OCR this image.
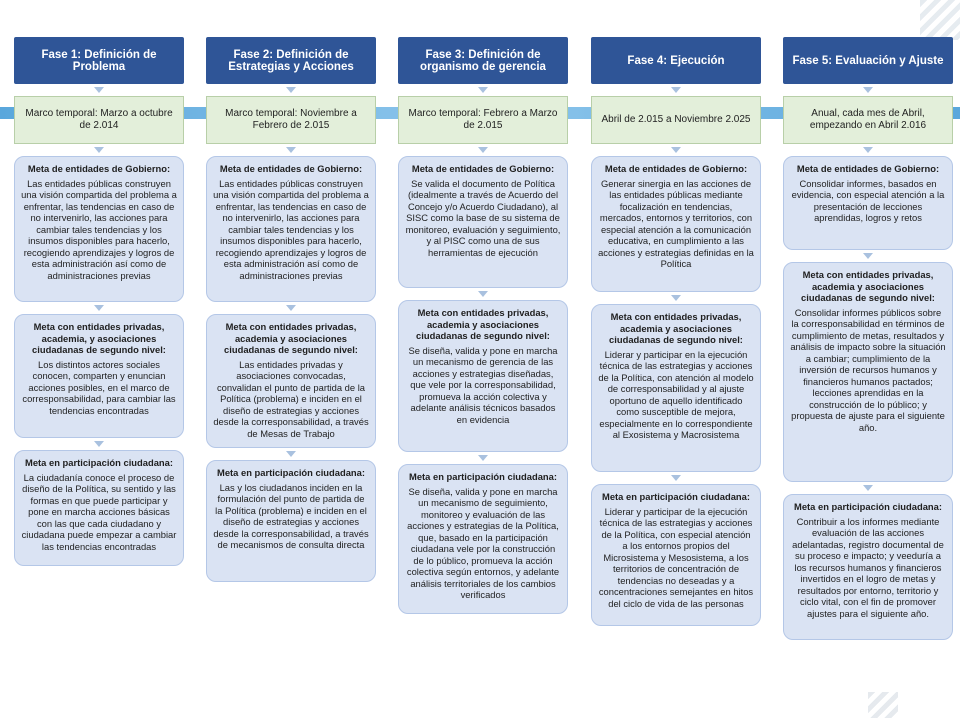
Fase 1: Definición de Problema
Marco temporal: Marzo a octubre de 2.014
Meta de entidades de Gobierno:
Las entidades públicas construyen una visión compartida del problema a enfrentar, las tendencias en caso de no intervenirlo, las acciones para cambiar tales tendencias y los insumos disponibles para hacerlo, recogiendo aprendizajes y logros de esta administración así como de administraciones previas
Meta con entidades privadas, academia, y asociaciones ciudadanas de segundo nivel:
Los distintos actores sociales conocen, comparten y enuncian acciones posibles, en el marco de corresponsabilidad, para cambiar las tendencias encontradas
Meta en participación ciudadana:
La ciudadanía conoce el proceso de diseño de la Política, su sentido y las formas en que puede participar y pone en marcha acciones básicas con las que cada ciudadano y ciudadana puede empezar a cambiar las tendencias encontradas
Fase 2: Definición de Estrategias y Acciones
Marco temporal: Noviembre a Febrero de 2.015
Meta de entidades de Gobierno:
Las entidades públicas construyen una visión compartida del problema a enfrentar, las tendencias en caso de no intervenirlo, las acciones para cambiar tales tendencias y los insumos disponibles para hacerlo, recogiendo aprendizajes y logros de esta administración así como de administraciones previas
Meta con entidades privadas, academia y asociaciones ciudadanas de segundo nivel:
Las entidades privadas y asociaciones convocadas, convalidan el punto de partida de la Política (problema) e inciden en el diseño de estrategias y acciones desde la corresponsabilidad, a través de Mesas de Trabajo
Meta en participación ciudadana:
Las y los ciudadanos inciden en la formulación del punto de partida de la Política (problema) e inciden en el diseño de estrategias y acciones desde la corresponsabilidad, a través de mecanismos de consulta directa
Fase 3: Definición de organismo de gerencia
Marco temporal: Febrero a Marzo de 2.015
Meta de entidades de Gobierno:
Se valida el documento de Política (idealmente a través de Acuerdo del Concejo y/o Acuerdo Ciudadano), al SISC como la base de su sistema de monitoreo, evaluación y seguimiento, y al PISC como una de sus herramientas de ejecución
Meta con entidades privadas, academia y asociaciones ciudadanas de segundo nivel:
Se diseña, valida y pone en marcha un mecanismo de gerencia de las acciones y estrategias diseñadas, que vele por la corresponsabilidad, promueva la acción colectiva y adelante análisis técnicos basados en evidencia
Meta en participación ciudadana:
Se diseña, valida y pone en marcha un mecanismo de seguimiento, monitoreo y evaluación de las acciones y estrategias de la Política, que, basado en la participación ciudadana vele por la construcción de lo público, promueva la acción colectiva según entornos, y adelante análisis territoriales de los cambios verificados
Fase 4: Ejecución
Abril de 2.015 a Noviembre 2.025
Meta de entidades de Gobierno:
Generar sinergia en las acciones de las entidades públicas mediante focalización en tendencias, mercados, entornos y territorios, con especial atención a la comunicación educativa, en cumplimiento a las acciones y estrategias definidas en la Política
Meta con entidades privadas, academia y asociaciones ciudadanas de segundo nivel:
Liderar y participar en la ejecución técnica de las estrategias y acciones de la Política, con atención al modelo de corresponsabilidad y al ajuste oportuno de aquello identificado como susceptible de mejora, especialmente en lo correspondiente al Exosistema y Macrosistema
Meta en participación ciudadana:
Liderar y participar de la ejecución técnica de las estrategias y acciones de la Política, con especial atención a los entornos propios del Microsistema y Mesosistema, a los territorios de concentración de tendencias no deseadas y a concentraciones semejantes en hitos del ciclo de vida de las personas
Fase 5: Evaluación y Ajuste
Anual, cada mes de Abril, empezando en Abril 2.016
Meta de entidades de Gobierno:
Consolidar informes, basados en evidencia, con especial atención a la presentación de lecciones aprendidas, logros y retos
Meta con entidades privadas, academia y asociaciones ciudadanas de segundo nivel:
Consolidar informes públicos sobre la corresponsabilidad en términos de cumplimiento de metas, resultados y análisis de impacto sobre la situación a cambiar; cumplimiento de la inversión de recursos humanos y financieros humanos pactados; lecciones aprendidas en la construcción de lo público; y propuesta de ajuste para el siguiente año.
Meta en participación ciudadana:
Contribuir a los informes mediante evaluación de las acciones adelantadas, registro documental de su proceso e impacto; y veeduría a los recursos humanos y financieros invertidos en el logro de metas y resultados por entorno, territorio y ciclo vital, con el fin de promover ajustes para el siguiente año.
